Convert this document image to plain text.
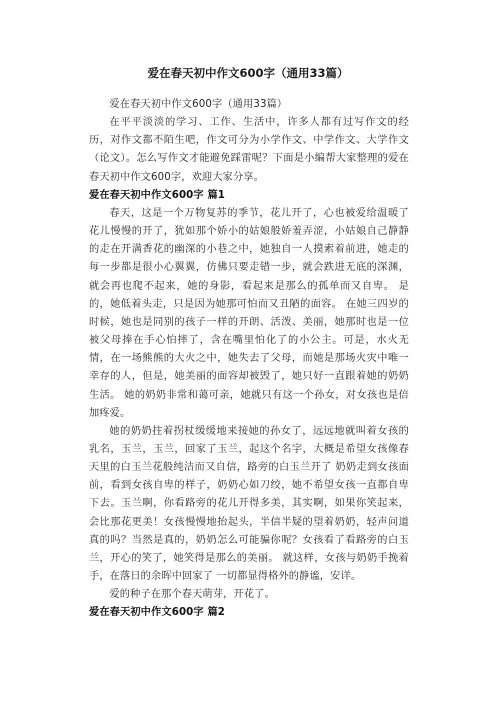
爱在春天初中作文600字（通用33篇）

爱在春天初中作文600字（通用33篇）

在平平淡淡的学习、工作、生活中，许多人都有过写作文的经历，对作文都不陌生吧，作文可分为小学作文、中学作文、大学作文（论文）。怎么写作文才能避免踩雷呢？下面是小编帮大家整理的爱在春天初中作文600字，欢迎大家分享。

爱在春天初中作文600字 篇1

春天，这是一个万物复苏的季节，花儿开了，心也被爱给温暖了花儿慢慢的开了，犹如那个娇小的姑娘般娇羞弄涩，小姑娘自己静静的走在开满香花的幽深的小巷之中，她独自一人摸索着前进，她走的每一步都是很小心翼翼，仿佛只要走错一步，就会跌进无底的深渊，就会再也爬不起来，她的身影，看起来是那么的孤单而又自卑。 是的，她低着头走，只是因为她那可怕而又丑陋的面容。 在她三四岁的时候，她也是同别的孩子一样的开朗、活泼、美丽，她那时也是一位被父母捧在手心怕摔了，含在嘴里怕化了的小公主。可是，水火无情，在一场熊熊的大火之中，她失去了父母，而她是那场火灾中唯一幸存的人，但是，她美丽的面容却被毁了，她只好一直跟着她的奶奶生活。 她的奶奶非常和蔼可亲，她就只有这一个孙女，对女孩也是倍加疼爱。

她的奶奶拄着拐杖缓缓地来接她的孙女了，远远地就叫着女孩的乳名，玉兰，玉兰，回家了玉兰，起这个名字，大概是希望女孩像春天里的白玉兰花般纯洁而又自信，路旁的白玉兰开了 奶奶走到女孩面前，看到女孩自卑的样子，奶奶心如刀绞，她不希望女孩一直都自卑下去。玉兰啊，你看路旁的花儿开得多美，其实啊，如果你笑起来，会比那花更美！女孩慢慢地抬起头，半信半疑的望着奶奶，轻声问道真的吗？当然是真的，奶奶怎么可能骗你呢？女孩看了看路旁的白玉兰，开心的笑了，她笑得是那么的美丽。 就这样，女孩与奶奶手挽着手，在落日的余晖中回家了 一切都显得格外的静谧，安详。

爱的种子在那个春天萌芽，开花了。

爱在春天初中作文600字 篇2
